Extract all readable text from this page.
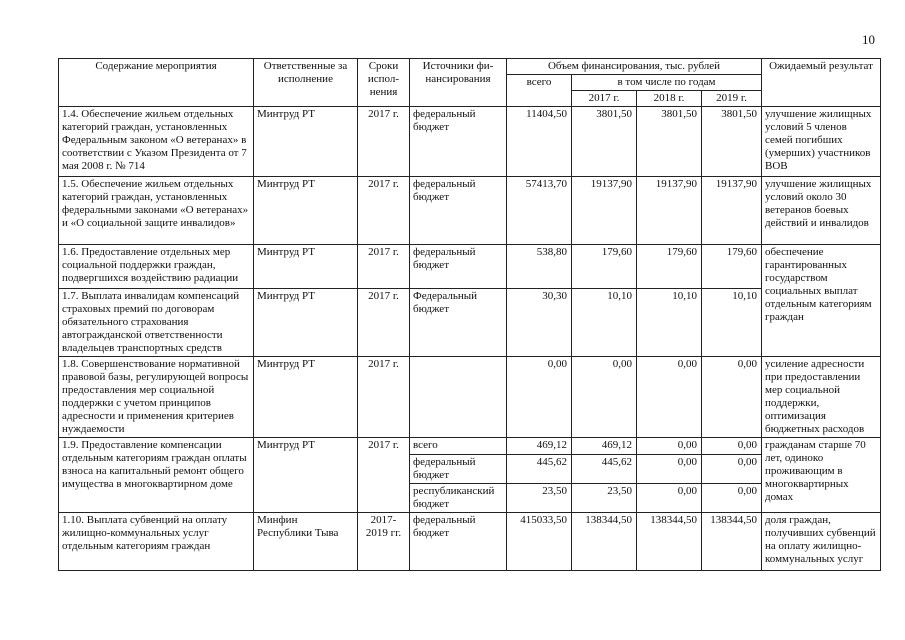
10
Содержание мероприятия	Ответственные за исполнение	Сроки испол-нения	Источники фи-нансирования	Объем финансирования, тыс. рублей				Ожидаемый результат
				всего	в том числе по годам			
					2017 г.	2018 г.	2019 г.	
1.4. Обеспечение жильем отдельных категорий граждан, установленных Федеральным законом «О ветеранах» в соответствии с Указом Президента от 7 мая 2008 г. № 714	Минтруд РТ	2017 г.	федеральный бюджет	11404,50	3801,50	3801,50	3801,50	улучшение жилищных условий 5 членов семей погибших (умерших) участников ВОВ
1.5. Обеспечение жильем отдельных категорий граждан, установленных федеральными законами «О ветеранах» и «О социальной защите инвалидов»	Минтруд РТ	2017 г.	федеральный бюджет	57413,70	19137,90	19137,90	19137,90	улучшение жилищных условий около 30 ветеранов боевых действий и инвалидов
1.6. Предоставление отдельных мер социальной поддержки граждан, подвергшихся воздействию радиации	Минтруд РТ	2017 г.	федеральный бюджет	538,80	179,60	179,60	179,60	обеспечение гарантированных государством социальных выплат отдельным категориям граждан
1.7. Выплата инвалидам компенсаций страховых премий по договорам обязательного страхования автогражданской ответственности владельцев транспортных средств	Минтруд РТ	2017 г.	Федеральный бюджет	30,30	10,10	10,10	10,10	
1.8. Совершенствование нормативной правовой базы, регулирующей вопросы предоставления мер социальной поддержки с учетом принципов адресности и применения критериев нуждаемости	Минтруд РТ	2017 г.		0,00	0,00	0,00	0,00	усиление адресности при предоставлении мер социальной поддержки, оптимизация бюджетных расходов
1.9. Предоставление компенсации отдельным категориям граждан оплаты взноса на капитальный ремонт общего имущества в многоквартирном доме	Минтруд РТ	2017 г.	всего	469,12	469,12	0,00	0,00	гражданам старше 70 лет, одиноко проживающим в многоквартирных домах
			федеральный бюджет	445,62	445,62	0,00	0,00	
			республиканский бюджет	23,50	23,50	0,00	0,00	
1.10. Выплата субвенций на оплату жилищно-коммунальных услуг отдельным категориям граждан	Минфин Республики Тыва	2017-2019 гг.	федеральный бюджет	415033,50	138344,50	138344,50	138344,50	доля граждан, получивших субвенций на оплату жилищно-коммунальных услуг
